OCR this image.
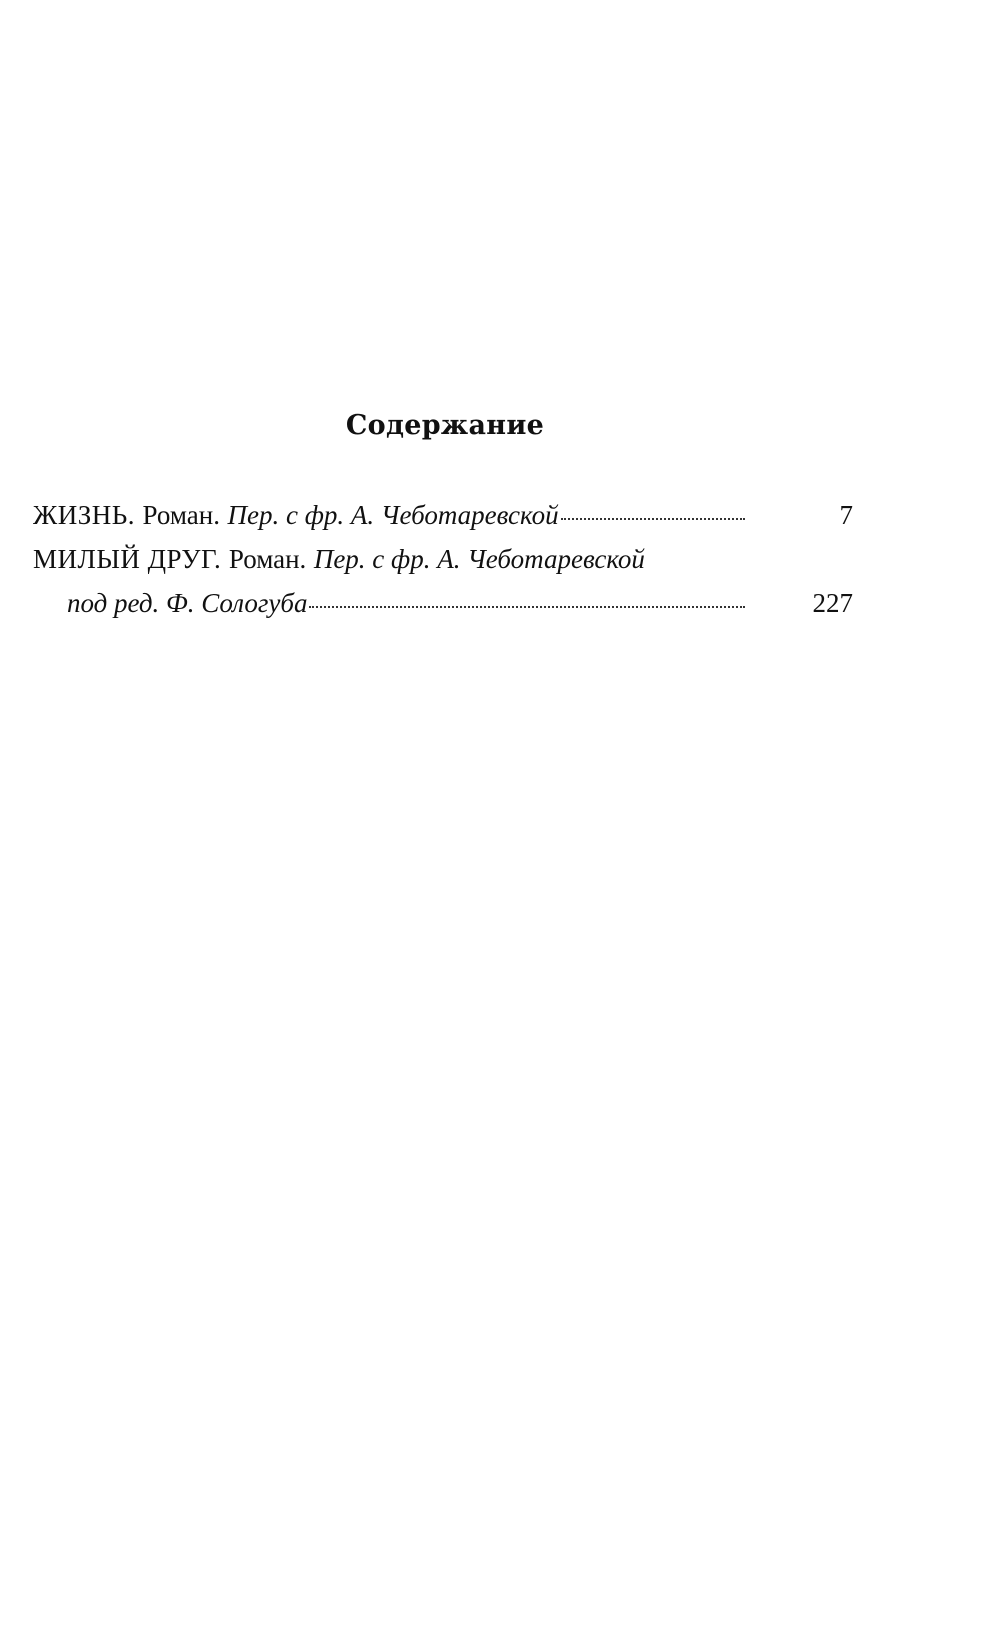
Содержание
ЖИЗНЬ. Роман. Пер. с фр. А. Чеботаревской	7
МИЛЫЙ ДРУГ. Роман. Пер. с фр. А. Чеботаревской
под ред. Ф. Сологуба	227
